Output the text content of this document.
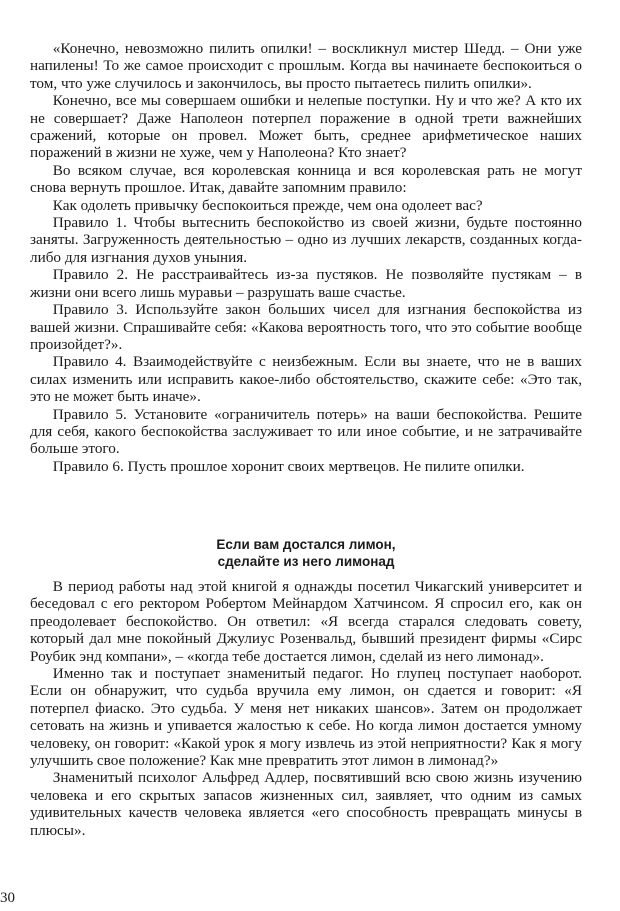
«Конечно, невозможно пилить опилки! – воскликнул мистер Шедд. – Они уже напилены! То же самое происходит с прошлым. Когда вы начинаете беспокоиться о том, что уже случилось и закончилось, вы просто пытаетесь пилить опилки».

Конечно, все мы совершаем ошибки и нелепые поступки. Ну и что же? А кто их не совершает? Даже Наполеон потерпел поражение в одной трети важнейших сражений, которые он провел. Может быть, среднее арифметическое наших поражений в жизни не хуже, чем у Наполеона? Кто знает?

Во всяком случае, вся королевская конница и вся королевская рать не могут снова вернуть прошлое. Итак, давайте запомним правило:

Как одолеть привычку беспокоиться прежде, чем она одолеет вас?

Правило 1. Чтобы вытеснить беспокойство из своей жизни, будьте постоянно заняты. Загруженность деятельностью – одно из лучших лекарств, созданных когда-либо для изгнания духов уныния.

Правило 2. Не расстраивайтесь из-за пустяков. Не позволяйте пустякам – в жизни они всего лишь муравьи – разрушать ваше счастье.

Правило 3. Используйте закон больших чисел для изгнания беспокойства из вашей жизни. Спрашивайте себя: «Какова вероятность того, что это событие вообще произойдет?».

Правило 4. Взаимодействуйте с неизбежным. Если вы знаете, что не в ваших силах изменить или исправить какое-либо обстоятельство, скажите себе: «Это так, это не может быть иначе».

Правило 5. Установите «ограничитель потерь» на ваши беспокойства. Решите для себя, какого беспокойства заслуживает то или иное событие, и не затрачивайте больше этого.

Правило 6. Пусть прошлое хоронит своих мертвецов. Не пилите опилки.

Если вам достался лимон,
сделайте из него лимонад

В период работы над этой книгой я однажды посетил Чикагский университет и беседовал с его ректором Робертом Мейнардом Хатчинсом. Я спросил его, как он преодолевает беспокойство. Он ответил: «Я всегда старался следовать совету, который дал мне покойный Джулиус Розенвальд, бывший президент фирмы «Сирс Роубик энд компани», – «когда тебе достается лимон, сделай из него лимонад».

Именно так и поступает знаменитый педагог. Но глупец поступает наоборот. Если он обнаружит, что судьба вручила ему лимон, он сдается и говорит: «Я потерпел фиаско. Это судьба. У меня нет никаких шансов». Затем он продолжает сетовать на жизнь и упивается жалостью к себе. Но когда лимон достается умному человеку, он говорит: «Какой урок я могу извлечь из этой неприятности? Как я могу улучшить свое положение? Как мне превратить этот лимон в лимонад?»

Знаменитый психолог Альфред Адлер, посвятивший всю свою жизнь изучению человека и его скрытых запасов жизненных сил, заявляет, что одним из самых удивительных качеств человека является «его способность превращать минусы в плюсы».

30
